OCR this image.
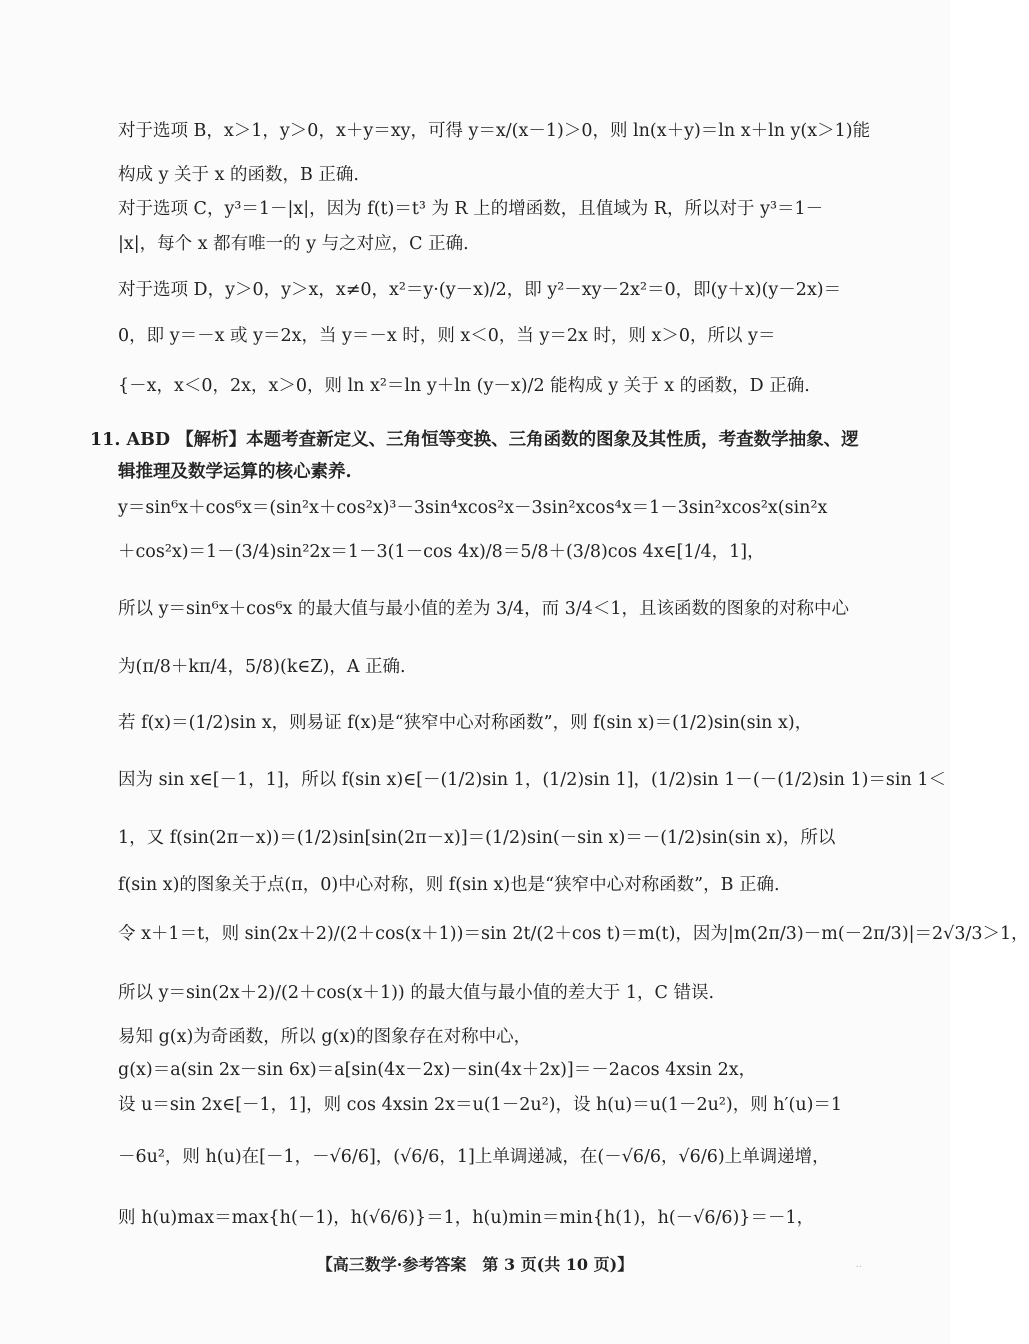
对于选项 B，x＞1，y＞0，x＋y＝xy，可得 y＝x/(x－1)＞0，则 ln(x＋y)＝ln x＋ln y(x＞1)能
构成 y 关于 x 的函数，B 正确.
对于选项 C，y³＝1－|x|，因为 f(t)＝t³ 为 R 上的增函数，且值域为 R，所以对于 y³＝1－
|x|，每个 x 都有唯一的 y 与之对应，C 正确.
对于选项 D，y＞0，y＞x，x≠0，x²＝y·(y－x)/2，即 y²－xy－2x²＝0，即(y＋x)(y－2x)＝
0，即 y＝－x 或 y＝2x，当 y＝－x 时，则 x＜0，当 y＝2x 时，则 x＞0，所以 y＝
{－x，x＜0，2x，x＞0，则 ln x²＝ln y＋ln (y－x)/2 能构成 y 关于 x 的函数，D 正确.
11. ABD 【解析】本题考查新定义、三角恒等变换、三角函数的图象及其性质，考查数学抽象、逻
辑推理及数学运算的核心素养.
y＝sin⁶x＋cos⁶x＝(sin²x＋cos²x)³－3sin⁴xcos²x－3sin²xcos⁴x＝1－3sin²xcos²x(sin²x
＋cos²x)＝1－(3/4)sin²2x＝1－3(1－cos 4x)/8＝5/8＋(3/8)cos 4x∈[1/4，1]，
所以 y＝sin⁶x＋cos⁶x 的最大值与最小值的差为 3/4，而 3/4＜1，且该函数的图象的对称中心
为(π/8＋kπ/4，5/8)(k∈Z)，A 正确.
若 f(x)＝(1/2)sin x，则易证 f(x)是“狭窄中心对称函数”，则 f(sin x)＝(1/2)sin(sin x)，
因为 sin x∈[－1，1]，所以 f(sin x)∈[－(1/2)sin 1，(1/2)sin 1]，(1/2)sin 1－(－(1/2)sin 1)＝sin 1＜
1，又 f(sin(2π－x))＝(1/2)sin[sin(2π－x)]＝(1/2)sin(－sin x)＝－(1/2)sin(sin x)，所以
f(sin x)的图象关于点(π，0)中心对称，则 f(sin x)也是“狭窄中心对称函数”，B 正确.
令 x＋1＝t，则 sin(2x＋2)/(2＋cos(x＋1))＝sin 2t/(2＋cos t)＝m(t)，因为|m(2π/3)－m(－2π/3)|＝2√3/3＞1，
所以 y＝sin(2x＋2)/(2＋cos(x＋1)) 的最大值与最小值的差大于 1，C 错误.
易知 g(x)为奇函数，所以 g(x)的图象存在对称中心，
g(x)＝a(sin 2x－sin 6x)＝a[sin(4x－2x)－sin(4x＋2x)]＝－2acos 4xsin 2x，
设 u＝sin 2x∈[－1，1]，则 cos 4xsin 2x＝u(1－2u²)，设 h(u)＝u(1－2u²)，则 h′(u)＝1
－6u²，则 h(u)在[－1，－√6/6]，(√6/6，1]上单调递减，在(－√6/6，√6/6)上单调递增，
则 h(u)max＝max{h(－1)，h(√6/6)}＝1，h(u)min＝min{h(1)，h(－√6/6)}＝－1，
【高三数学·参考答案　第 3 页(共 10 页)】	··
